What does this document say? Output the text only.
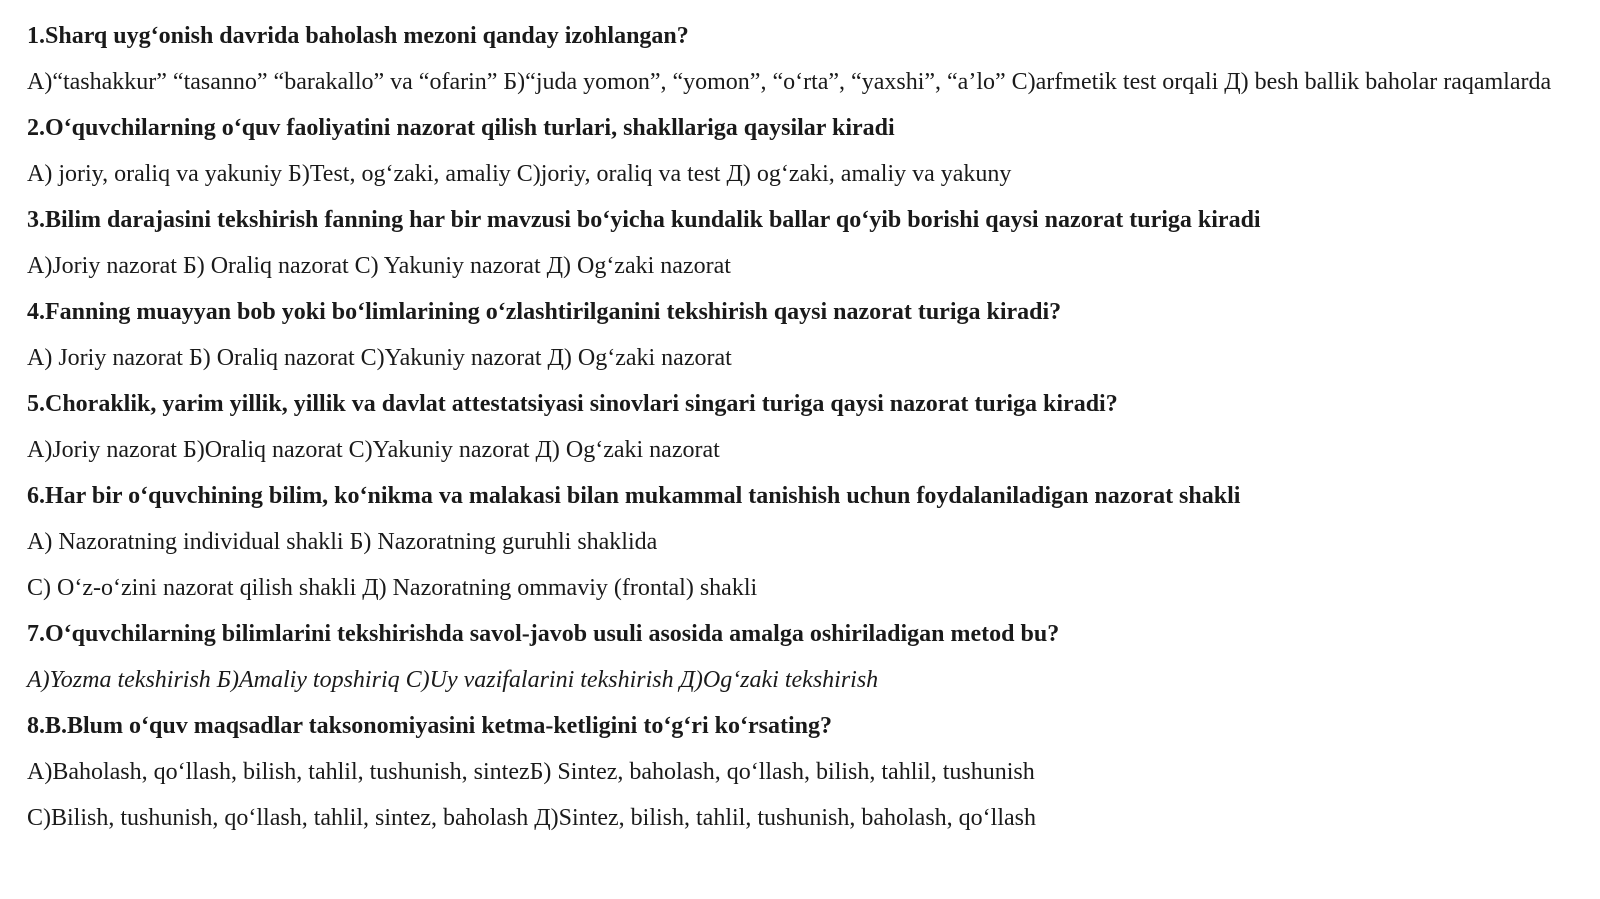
1.Sharq uyg‘onish davrida baholash mezoni qanday izohlangan?
A)“tashakkur” “tasanno” “barakallo” va “ofarin” Б)“juda yomon”, “yomon”, “o‘rta”, “yaxshi”, “a’lo” C)arfmetik test orqali Д) besh ballik baholar raqamlarda
2.O‘quvchilarning o‘quv faoliyatini nazorat qilish turlari, shakllariga qaysilar kiradi
A) joriy, oraliq va yakuniy Б)Test, og‘zaki, amaliy C)joriy, oraliq va test Д) og‘zaki, amaliy va yakuny
3.Bilim darajasini tekshirish fanning har bir mavzusi bo‘yicha kundalik ballar qo‘yib borishi qaysi nazorat turiga kiradi
A)Joriy nazorat Б) Oraliq nazorat C) Yakuniy nazorat Д) Og‘zaki nazorat
4.Fanning muayyan bob yoki bo‘limlarining o‘zlashtirilganini tekshirish qaysi nazorat turiga kiradi?
A) Joriy nazorat Б) Oraliq nazorat C)Yakuniy nazorat Д) Og‘zaki nazorat
5.Choraklik, yarim yillik, yillik va davlat attestatsiyasi sinovlari singari turiga qaysi nazorat turiga kiradi?
A)Joriy nazorat Б)Oraliq nazorat C)Yakuniy nazorat Д) Og‘zaki nazorat
6.Har bir o‘quvchining bilim, ko‘nikma va malakasi bilan mukammal tanishish uchun foydalaniladigan nazorat shakli
A) Nazoratning individual shakli Б) Nazoratning guruhli shaklida
C) O‘z-o‘zini nazorat qilish shakli Д) Nazoratning ommaviy (frontal) shakli
7.O‘quvchilarning bilimlarini tekshirishda savol-javob usuli asosida amalga oshiriladigan metod bu?
A)Yozma tekshirish Б)Amaliy topshiriq C)Uy vazifalarini tekshirish Д)Og‘zaki tekshirish
8.B.Blum o‘quv maqsadlar taksonomiyasini ketma-ketligini to‘g‘ri ko‘rsating?
A)Baholash, qo‘llash, bilish, tahlil, tushunish, sintezБ) Sintez, baholash, qo‘llash, bilish, tahlil, tushunish
C)Bilish, tushunish, qo‘llash, tahlil, sintez, baholash Д)Sintez, bilish, tahlil, tushunish, baholash, qo‘llash
